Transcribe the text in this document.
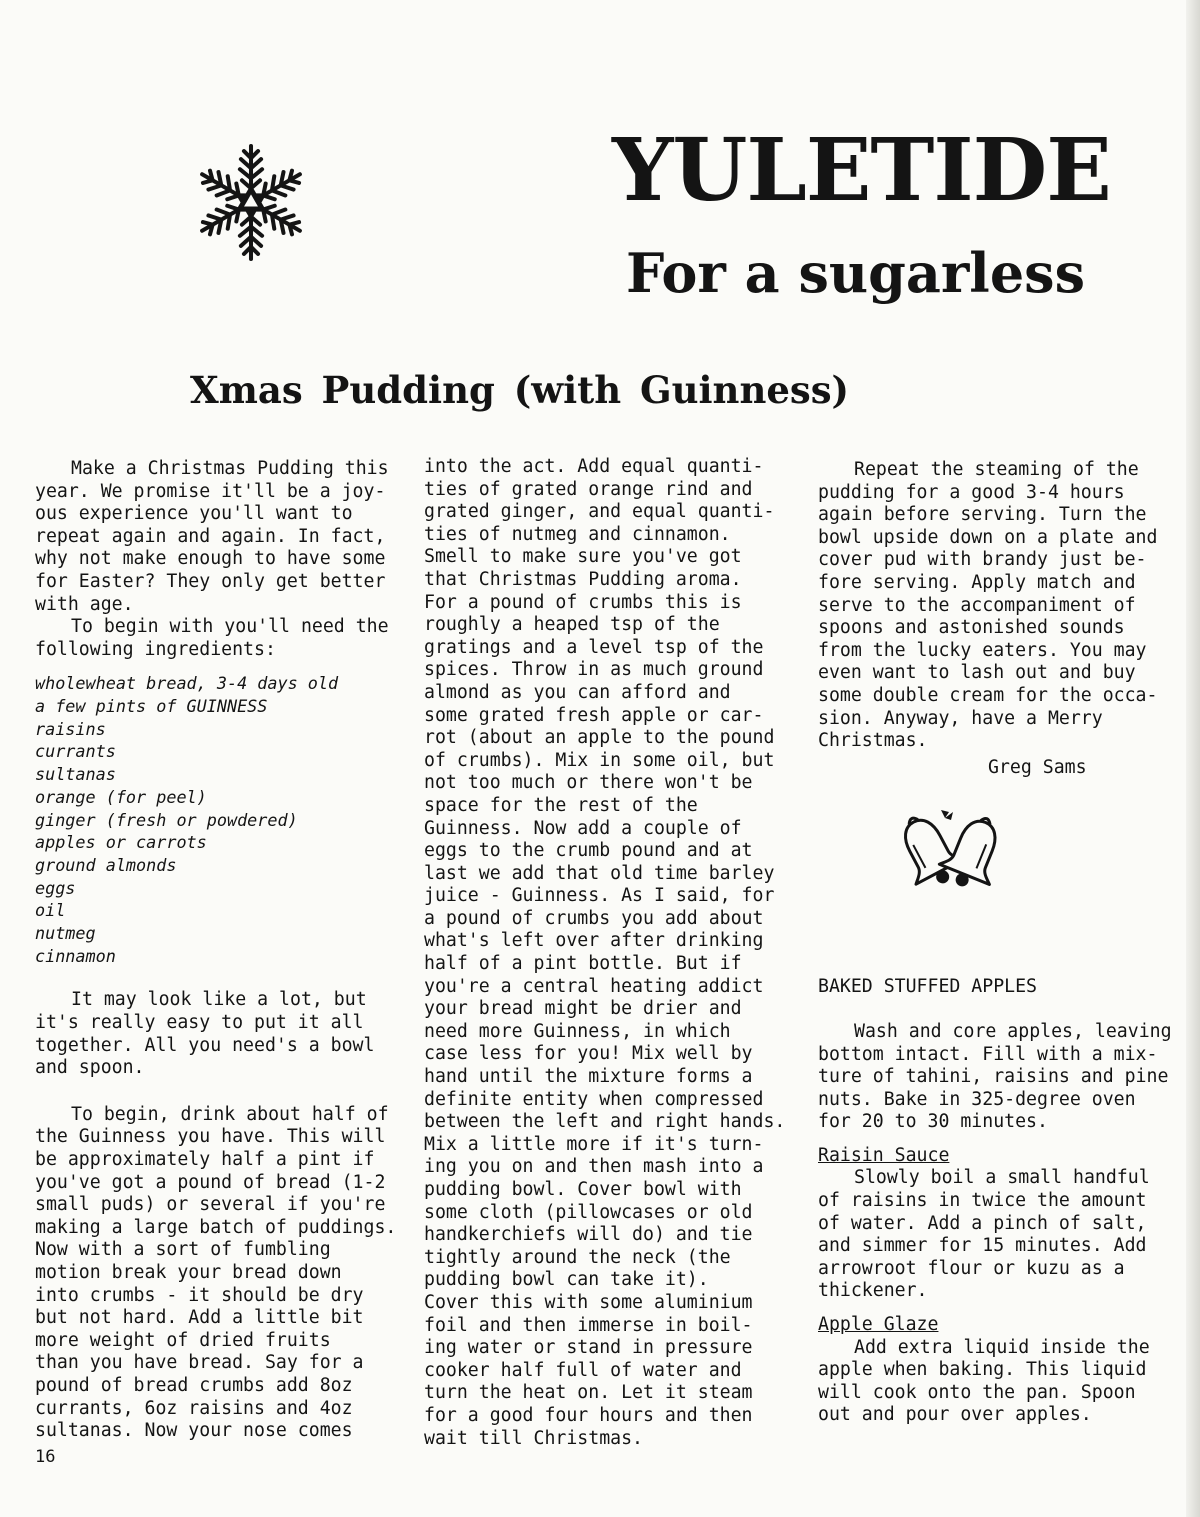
YULETIDE
For a sugarless
Xmas Pudding (with Guinness)

Make a Christmas Pudding this

year. We promise it'll be a joy-

ous experience you'll want to

repeat again and again. In fact,

why not make enough to have some

for Easter? They only get better

with age.

To begin with you'll need the

following ingredients:

wholewheat bread, 3-4 days old
a few pints of GUINNESS
raisins
currants
sultanas
orange (for peel)
ginger (fresh or powdered)
apples or carrots
ground almonds
eggs
oil
nutmeg
cinnamon

It may look like a lot, but

it's really easy to put it all

together. All you need's a bowl

and spoon.

To begin, drink about half of

the Guinness you have. This will

be approximately half a pint if

you've got a pound of bread (1-2

small puds) or several if you're

making a large batch of puddings.

Now with a sort of fumbling

motion break your bread down

into crumbs - it should be dry

but not hard. Add a little bit

more weight of dried fruits

than you have bread. Say for a

pound of bread crumbs add 8oz

currants, 6oz raisins and 4oz

sultanas. Now your nose comes

into the act. Add equal quanti-

ties of grated orange rind and

grated ginger, and equal quanti-

ties of nutmeg and cinnamon.

Smell to make sure you've got

that Christmas Pudding aroma.

For a pound of crumbs this is

roughly a heaped tsp of the

gratings and a level tsp of the

spices. Throw in as much ground

almond as you can afford and

some grated fresh apple or car-

rot (about an apple to the pound

of crumbs). Mix in some oil, but

not too much or there won't be

space for the rest of the

Guinness. Now add a couple of

eggs to the crumb pound and at

last we add that old time barley

juice - Guinness. As I said, for

a pound of crumbs you add about

what's left over after drinking

half of a pint bottle. But if

you're a central heating addict

your bread might be drier and

need more Guinness, in which

case less for you! Mix well by

hand until the mixture forms a

definite entity when compressed

between the left and right hands.

Mix a little more if it's turn-

ing you on and then mash into a

pudding bowl. Cover bowl with

some cloth (pillowcases or old

handkerchiefs will do) and tie

tightly around the neck (the

pudding bowl can take it).

Cover this with some aluminium

foil and then immerse in boil-

ing water or stand in pressure

cooker half full of water and

turn the heat on. Let it steam

for a good four hours and then

wait till Christmas.

Repeat the steaming of the

pudding for a good 3-4 hours

again before serving. Turn the

bowl upside down on a plate and

cover pud with brandy just be-

fore serving. Apply match and

serve to the accompaniment of

spoons and astonished sounds

from the lucky eaters. You may

even want to lash out and buy

some double cream for the occa-

sion. Anyway, have a Merry

Christmas.

Greg Sams

BAKED STUFFED APPLES

Wash and core apples, leaving

bottom intact. Fill with a mix-

ture of tahini, raisins and pine

nuts. Bake in 325-degree oven

for 20 to 30 minutes.

Raisin Sauce

Slowly boil a small handful

of raisins in twice the amount

of water. Add a pinch of salt,

and simmer for 15 minutes. Add

arrowroot flour or kuzu as a

thickener.

Apple Glaze

Add extra liquid inside the

apple when baking. This liquid

will cook onto the pan. Spoon

out and pour over apples.

16
